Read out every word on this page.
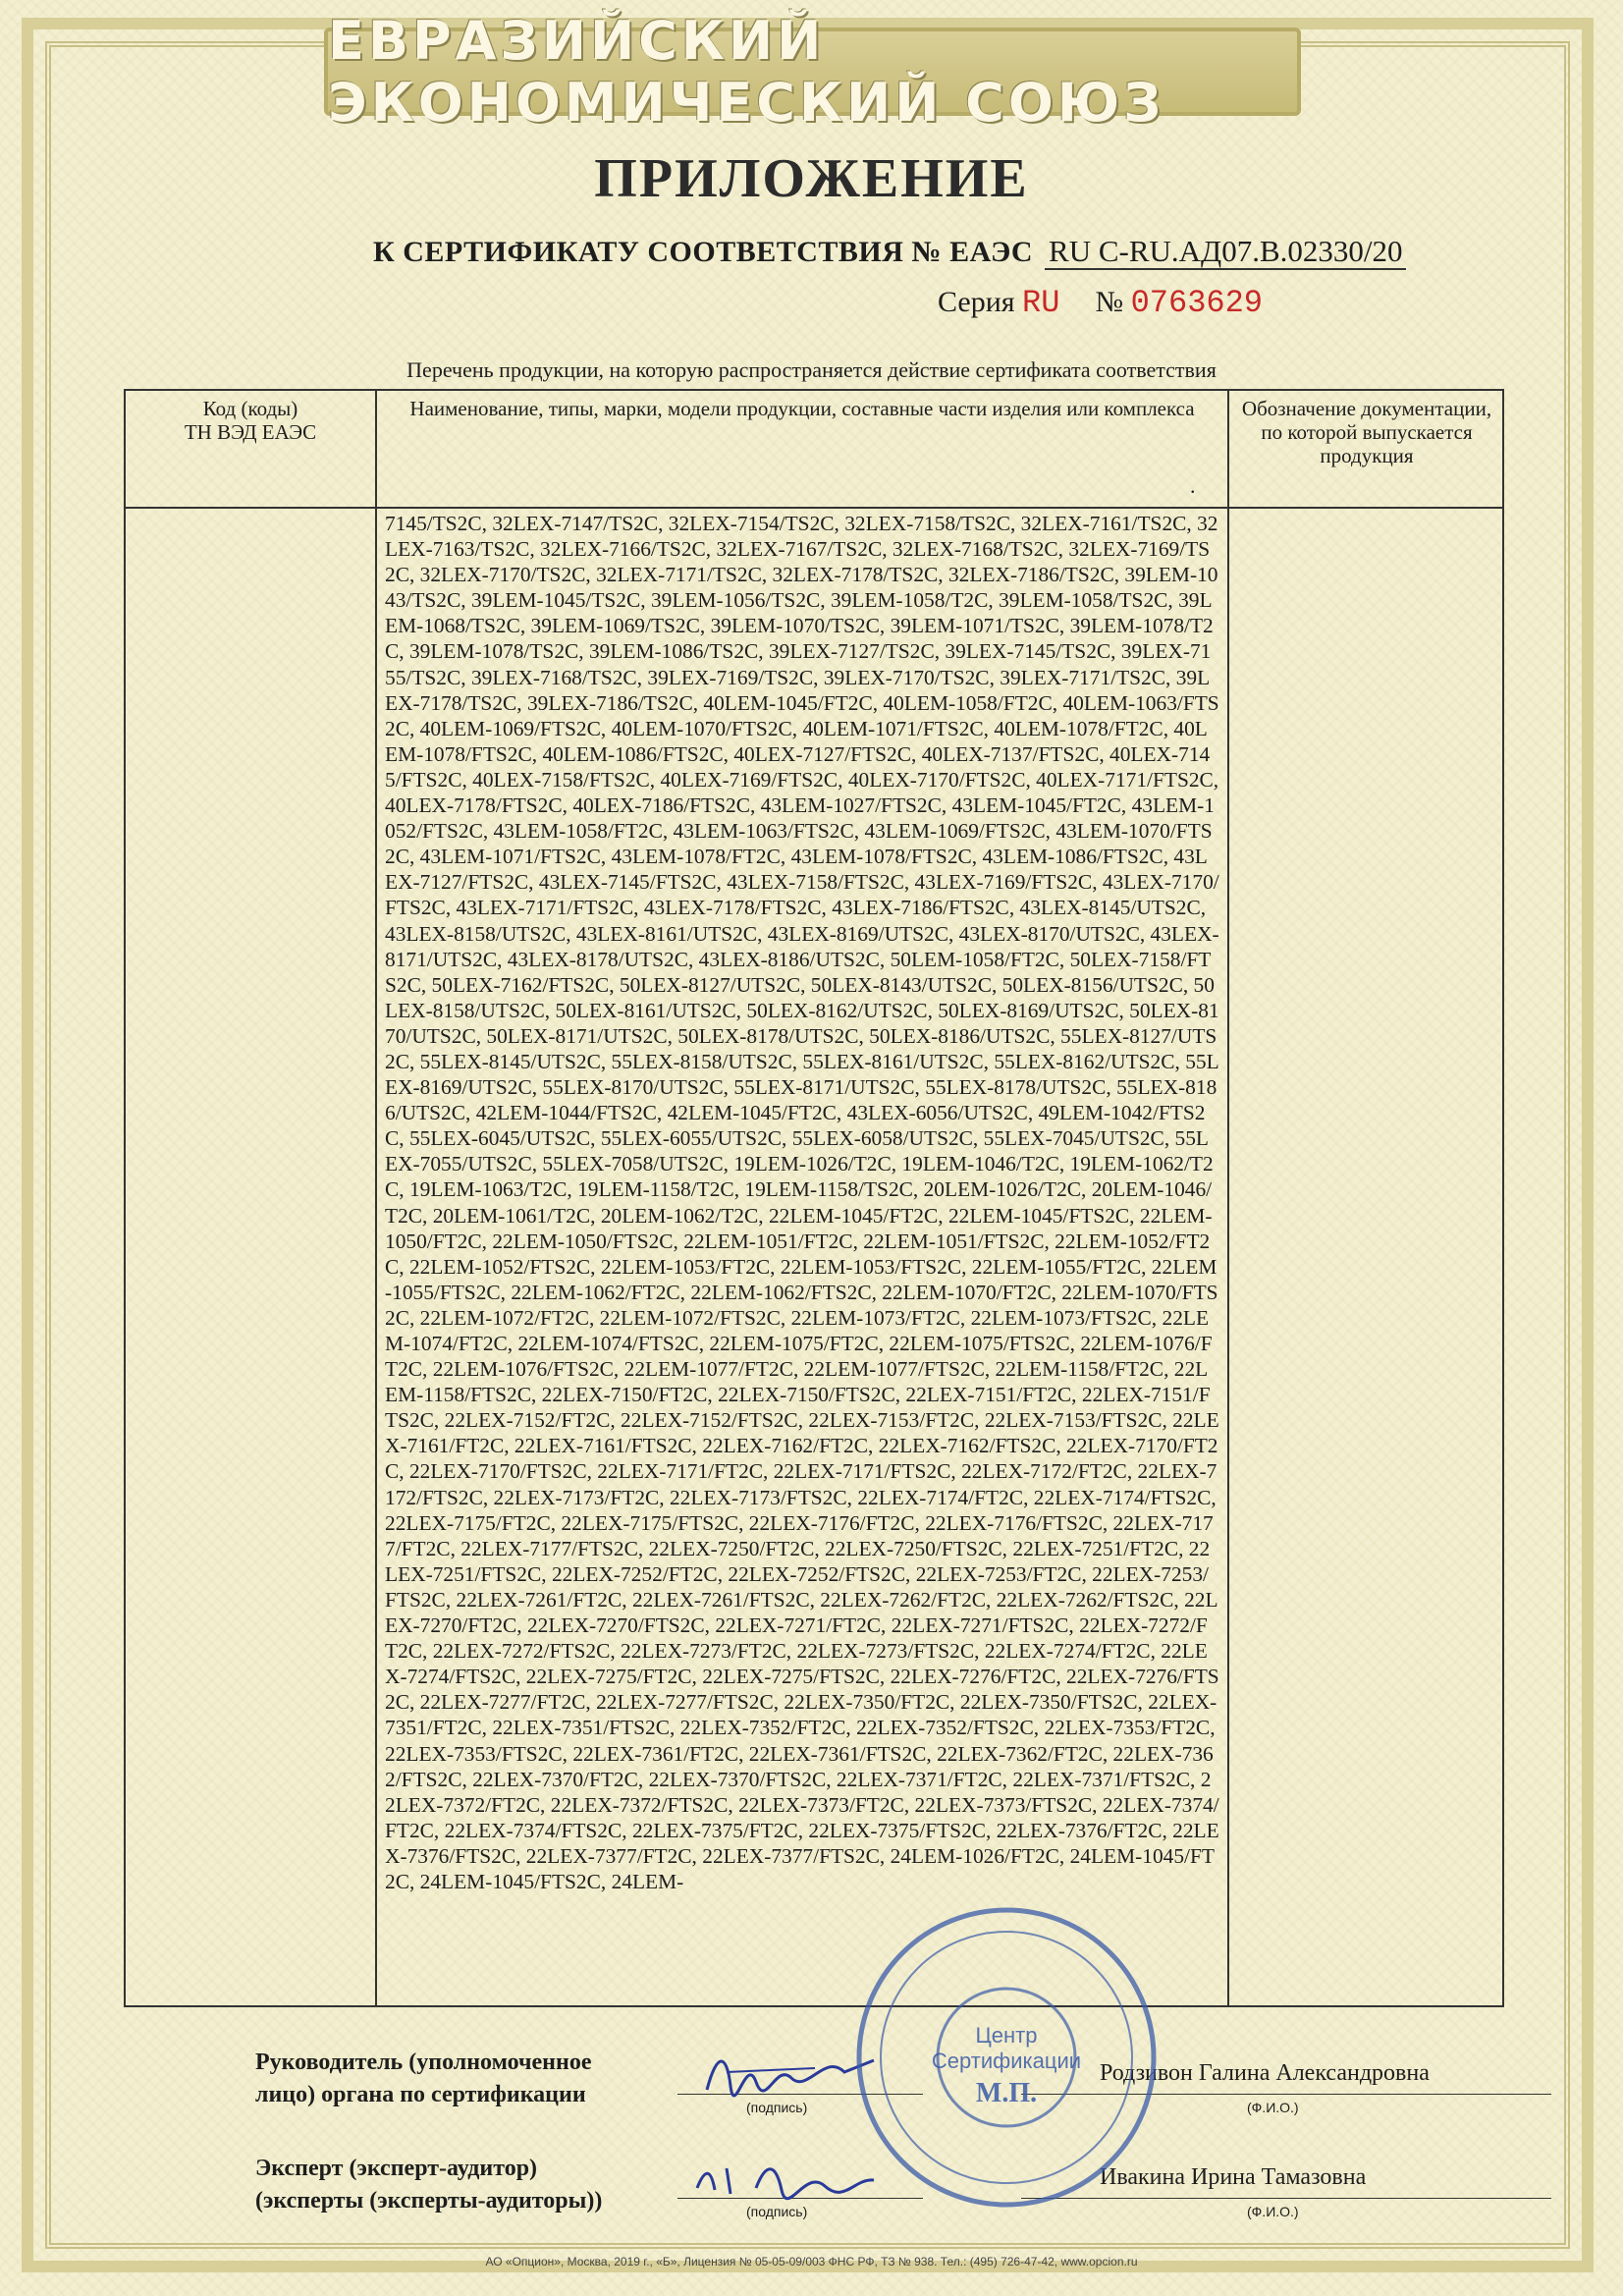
ЕВРАЗИЙСКИЙ ЭКОНОМИЧЕСКИЙ СОЮЗ
ПРИЛОЖЕНИЕ
К СЕРТИФИКАТУ СООТВЕТСТВИЯ № ЕАЭС RU C-RU.АД07.В.02330/20
Серия RU № 0763629
Перечень продукции, на которую распространяется действие сертификата соответствия
Код (коды)
ТН ВЭД ЕАЭС
Наименование, типы, марки, модели продукции, составные части изделия или комплекса	Обозначение документации, по которой выпускается продукция
.
7145/TS2C, 32LEX-7147/TS2C, 32LEX-7154/TS2C, 32LEX-7158/TS2C, 32LEX-7161/TS2C, 32LEX-7163/TS2C, 32LEX-7166/TS2C, 32LEX-7167/TS2C, 32LEX-7168/TS2C, 32LEX-7169/TS2C, 32LEX-7170/TS2C, 32LEX-7171/TS2C, 32LEX-7178/TS2C, 32LEX-7186/TS2C, 39LEM-1043/TS2C, 39LEM-1045/TS2C, 39LEM-1056/TS2C, 39LEM-1058/T2C, 39LEM-1058/TS2C, 39LEM-1068/TS2C, 39LEM-1069/TS2C, 39LEM-1070/TS2C, 39LEM-1071/TS2C, 39LEM-1078/T2C, 39LEM-1078/TS2C, 39LEM-1086/TS2C, 39LEX-7127/TS2C, 39LEX-7145/TS2C, 39LEX-7155/TS2C, 39LEX-7168/TS2C, 39LEX-7169/TS2C, 39LEX-7170/TS2C, 39LEX-7171/TS2C, 39LEX-7178/TS2C, 39LEX-7186/TS2C, 40LEM-1045/FT2C, 40LEM-1058/FT2C, 40LEM-1063/FTS2C, 40LEM-1069/FTS2C, 40LEM-1070/FTS2C, 40LEM-1071/FTS2C, 40LEM-1078/FT2C, 40LEM-1078/FTS2C, 40LEM-1086/FTS2C, 40LEX-7127/FTS2C, 40LEX-7137/FTS2C, 40LEX-7145/FTS2C, 40LEX-7158/FTS2C, 40LEX-7169/FTS2C, 40LEX-7170/FTS2C, 40LEX-7171/FTS2C, 40LEX-7178/FTS2C, 40LEX-7186/FTS2C, 43LEM-1027/FTS2C, 43LEM-1045/FT2C, 43LEM-1052/FTS2C, 43LEM-1058/FT2C, 43LEM-1063/FTS2C, 43LEM-1069/FTS2C, 43LEM-1070/FTS2C, 43LEM-1071/FTS2C, 43LEM-1078/FT2C, 43LEM-1078/FTS2C, 43LEM-1086/FTS2C, 43LEX-7127/FTS2C, 43LEX-7145/FTS2C, 43LEX-7158/FTS2C, 43LEX-7169/FTS2C, 43LEX-7170/FTS2C, 43LEX-7171/FTS2C, 43LEX-7178/FTS2C, 43LEX-7186/FTS2C, 43LEX-8145/UTS2C, 43LEX-8158/UTS2C, 43LEX-8161/UTS2C, 43LEX-8169/UTS2C, 43LEX-8170/UTS2C, 43LEX-8171/UTS2C, 43LEX-8178/UTS2C, 43LEX-8186/UTS2C, 50LEM-1058/FT2C, 50LEX-7158/FTS2C, 50LEX-7162/FTS2C, 50LEX-8127/UTS2C, 50LEX-8143/UTS2C, 50LEX-8156/UTS2C, 50LEX-8158/UTS2C, 50LEX-8161/UTS2C, 50LEX-8162/UTS2C, 50LEX-8169/UTS2C, 50LEX-8170/UTS2C, 50LEX-8171/UTS2C, 50LEX-8178/UTS2C, 50LEX-8186/UTS2C, 55LEX-8127/UTS2C, 55LEX-8145/UTS2C, 55LEX-8158/UTS2C, 55LEX-8161/UTS2C, 55LEX-8162/UTS2C, 55LEX-8169/UTS2C, 55LEX-8170/UTS2C, 55LEX-8171/UTS2C, 55LEX-8178/UTS2C, 55LEX-8186/UTS2C, 42LEM-1044/FTS2C, 42LEM-1045/FT2C, 43LEX-6056/UTS2C, 49LEM-1042/FTS2C, 55LEX-6045/UTS2C, 55LEX-6055/UTS2C, 55LEX-6058/UTS2C, 55LEX-7045/UTS2C, 55LEX-7055/UTS2C, 55LEX-7058/UTS2C, 19LEM-1026/T2C, 19LEM-1046/T2C, 19LEM-1062/T2C, 19LEM-1063/T2C, 19LEM-1158/T2C, 19LEM-1158/TS2C, 20LEM-1026/T2C, 20LEM-1046/T2C, 20LEM-1061/T2C, 20LEM-1062/T2C, 22LEM-1045/FT2C, 22LEM-1045/FTS2C, 22LEM-1050/FT2C, 22LEM-1050/FTS2C, 22LEM-1051/FT2C, 22LEM-1051/FTS2C, 22LEM-1052/FT2C, 22LEM-1052/FTS2C, 22LEM-1053/FT2C, 22LEM-1053/FTS2C, 22LEM-1055/FT2C, 22LEM-1055/FTS2C, 22LEM-1062/FT2C, 22LEM-1062/FTS2C, 22LEM-1070/FT2C, 22LEM-1070/FTS2C, 22LEM-1072/FT2C, 22LEM-1072/FTS2C, 22LEM-1073/FT2C, 22LEM-1073/FTS2C, 22LEM-1074/FT2C, 22LEM-1074/FTS2C, 22LEM-1075/FT2C, 22LEM-1075/FTS2C, 22LEM-1076/FT2C, 22LEM-1076/FTS2C, 22LEM-1077/FT2C, 22LEM-1077/FTS2C, 22LEM-1158/FT2C, 22LEM-1158/FTS2C, 22LEX-7150/FT2C, 22LEX-7150/FTS2C, 22LEX-7151/FT2C, 22LEX-7151/FTS2C, 22LEX-7152/FT2C, 22LEX-7152/FTS2C, 22LEX-7153/FT2C, 22LEX-7153/FTS2C, 22LEX-7161/FT2C, 22LEX-7161/FTS2C, 22LEX-7162/FT2C, 22LEX-7162/FTS2C, 22LEX-7170/FT2C, 22LEX-7170/FTS2C, 22LEX-7171/FT2C, 22LEX-7171/FTS2C, 22LEX-7172/FT2C, 22LEX-7172/FTS2C, 22LEX-7173/FT2C, 22LEX-7173/FTS2C, 22LEX-7174/FT2C, 22LEX-7174/FTS2C, 22LEX-7175/FT2C, 22LEX-7175/FTS2C, 22LEX-7176/FT2C, 22LEX-7176/FTS2C, 22LEX-7177/FT2C, 22LEX-7177/FTS2C, 22LEX-7250/FT2C, 22LEX-7250/FTS2C, 22LEX-7251/FT2C, 22LEX-7251/FTS2C, 22LEX-7252/FT2C, 22LEX-7252/FTS2C, 22LEX-7253/FT2C, 22LEX-7253/FTS2C, 22LEX-7261/FT2C, 22LEX-7261/FTS2C, 22LEX-7262/FT2C, 22LEX-7262/FTS2C, 22LEX-7270/FT2C, 22LEX-7270/FTS2C, 22LEX-7271/FT2C, 22LEX-7271/FTS2C, 22LEX-7272/FT2C, 22LEX-7272/FTS2C, 22LEX-7273/FT2C, 22LEX-7273/FTS2C, 22LEX-7274/FT2C, 22LEX-7274/FTS2C, 22LEX-7275/FT2C, 22LEX-7275/FTS2C, 22LEX-7276/FT2C, 22LEX-7276/FTS2C, 22LEX-7277/FT2C, 22LEX-7277/FTS2C, 22LEX-7350/FT2C, 22LEX-7350/FTS2C, 22LEX-7351/FT2C, 22LEX-7351/FTS2C, 22LEX-7352/FT2C, 22LEX-7352/FTS2C, 22LEX-7353/FT2C, 22LEX-7353/FTS2C, 22LEX-7361/FT2C, 22LEX-7361/FTS2C, 22LEX-7362/FT2C, 22LEX-7362/FTS2C, 22LEX-7370/FT2C, 22LEX-7370/FTS2C, 22LEX-7371/FT2C, 22LEX-7371/FTS2C, 22LEX-7372/FT2C, 22LEX-7372/FTS2C, 22LEX-7373/FT2C, 22LEX-7373/FTS2C, 22LEX-7374/FT2C, 22LEX-7374/FTS2C, 22LEX-7375/FT2C, 22LEX-7375/FTS2C, 22LEX-7376/FT2C, 22LEX-7376/FTS2C, 22LEX-7377/FT2C, 22LEX-7377/FTS2C, 24LEM-1026/FT2C, 24LEM-1045/FT2C, 24LEM-1045/FTS2C, 24LEM-
Руководитель (уполномоченное
лицо) органа по сертификации
Эксперт (эксперт-аудитор)
(эксперты (эксперты-аудиторы))
(подпись)
(подпись)
Родзивон Галина Александровна
(Ф.И.О.)
Ивакина Ирина Тамазовна
(Ф.И.О.)
Центр
Сертификации
М.П.
АО «Опцион», Москва, 2019 г., «Б», Лицензия № 05-05-09/003 ФНС РФ, ТЗ № 938. Тел.: (495) 726-47-42, www.opcion.ru
